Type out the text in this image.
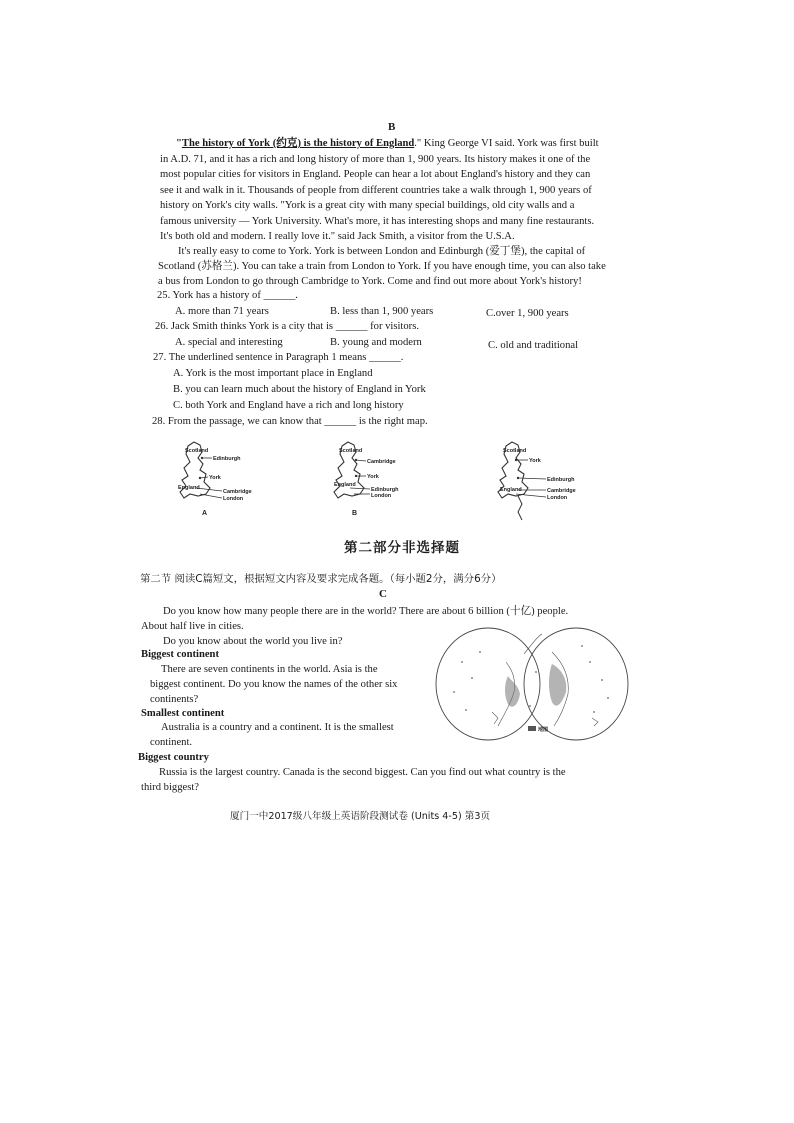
B
"The history of York (约克) is the history of England." King George VI said. York was first built
in A.D. 71, and it has a rich and long history of more than 1, 900 years. Its history makes it one of the
most popular cities for visitors in England. People can hear a lot about England's history and they can
see it and walk in it. Thousands of people from different countries take a walk through 1, 900 years of
history on York's city walls. "York is a great city with many special buildings, old city walls and a
famous university — York University. What's more, it has interesting shops and many fine restaurants.
It's both old and modern. I really love it." said Jack Smith, a visitor from the U.S.A.
It's really easy to come to York. York is between London and Edinburgh (爱丁堡), the capital of
Scotland (苏格兰). You can take a train from London to York. If you have enough time, you can also take
a bus from London to go through Cambridge to York. Come and find out more about York's history!
25. York has a history of ______.
A. more than 71 years	B. less than 1, 900 years	C.over 1, 900 years
26. Jack Smith thinks York is a city that is ______ for visitors.
A. special and interesting	B. young and modern	C. old and traditional
27. The underlined sentence in Paragraph 1 means ______.
A. York is the most important place in England
B. you can learn much about the history of England in York
C. both York and England have a rich and long history
28. From the passage, we can know that ______ is the right map.
Scotland
Edinburgh
York
England
Cambridge
London
A
Scotland
Cambridge
York
England
Edinburgh
London
B
Scotland
York
Edinburgh
England	Cambridge
London
第二部分非选择题
第二节 阅读C篇短文，根据短文内容及要求完成各题。（每小题2分，满分6分）
C
Do you know how many people there are in the world? There are about 6 billion (十亿) people.
About half live in cities.
Do you know about the world you live in?
Biggest continent
There are seven continents in the world. Asia is the
biggest continent. Do you know the names of the other six
continents?
Smallest continent
Australia is a country and a continent. It is the smallest
continent.
Biggest country
Russia is the largest country. Canada is the second biggest. Can you find out what country is the
third biggest?
地图
厦门一中2017级八年级上英语阶段测试卷 (Units 4-5) 第3页
